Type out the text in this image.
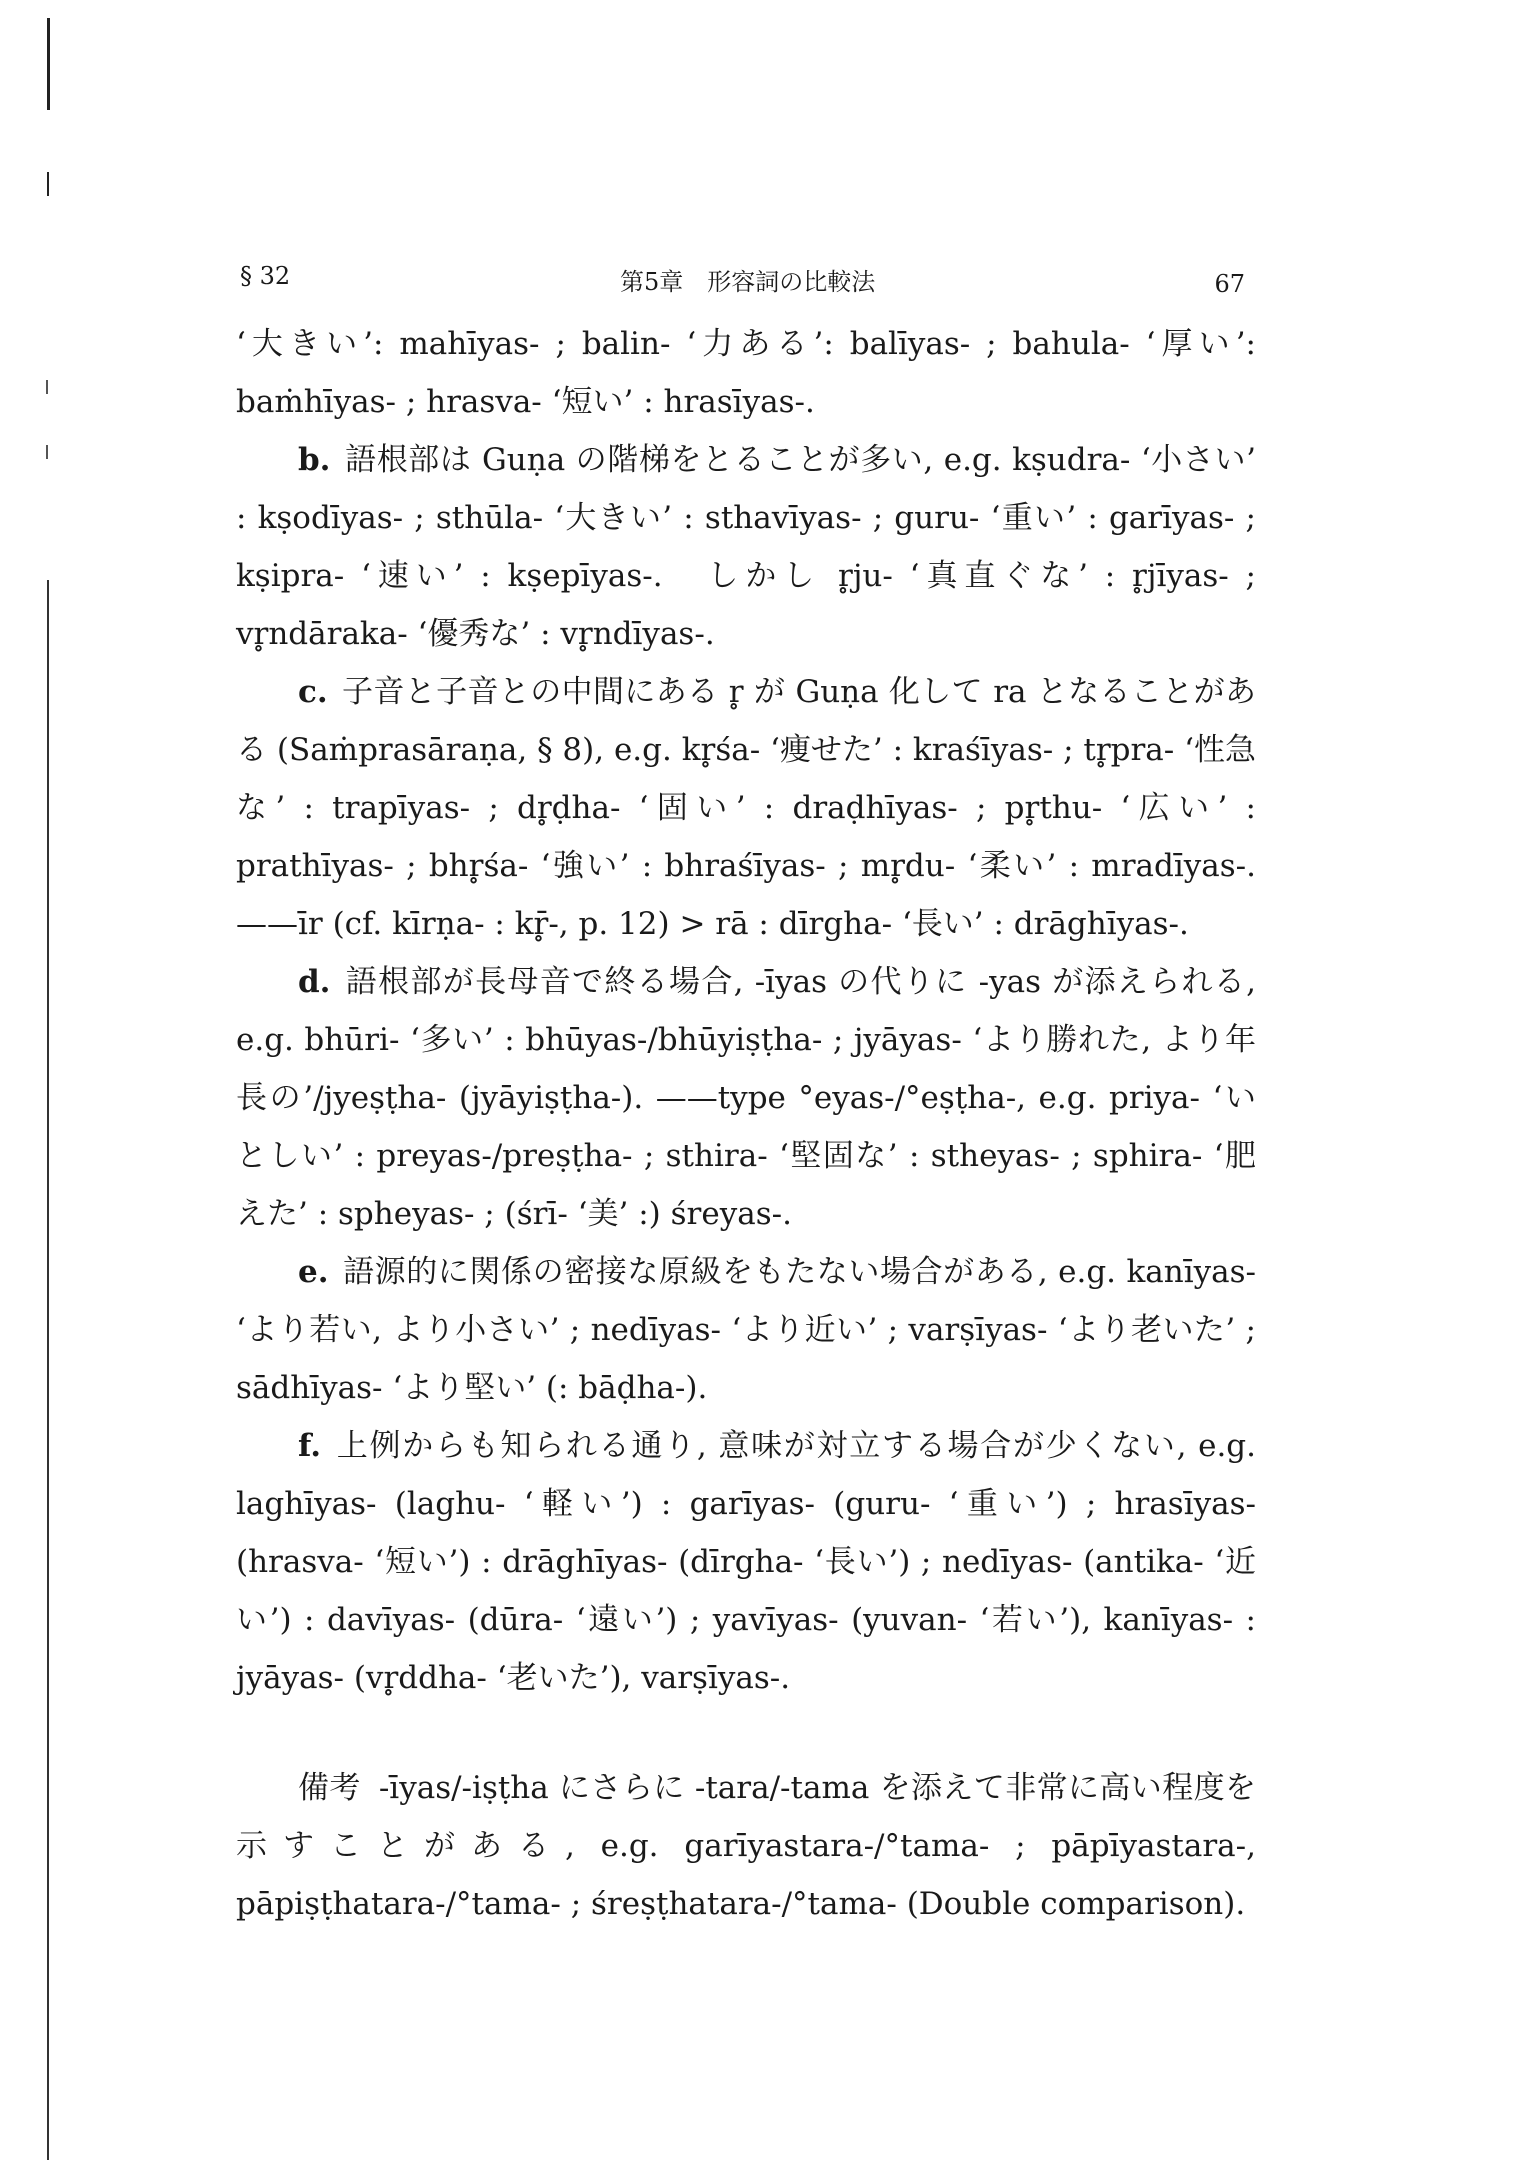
§ 32	第5章　形容詞の比較法	67

‘大きい’: mahīyas- ; balin- ‘力ある’: balīyas- ; bahula- ‘厚い’: baṁhīyas- ; hrasva- ‘短い’ : hrasīyas-.

b. 語根部は Guṇa の階梯をとることが多い, e.g. kṣudra- ‘小さい’ : kṣodīyas- ; sthūla- ‘大きい’ : sthavīyas- ; guru- ‘重い’ : garīyas- ; kṣipra- ‘速い’ : kṣepīyas-.　しかし r̥ju- ‘真直ぐな’ : r̥jīyas- ; vr̥ndāraka- ‘優秀な’ : vr̥ndīyas-.

c. 子音と子音との中間にある r̥ が Guṇa 化して ra となることがある (Saṁprasāraṇa, § 8), e.g. kr̥śa- ‘痩せた’ : kraśīyas- ; tr̥pra- ‘性急な’ : trapīyas- ; dr̥ḍha- ‘固い’ : draḍhīyas- ; pr̥thu- ‘広い’ : prathīyas- ; bhr̥śa- ‘強い’ : bhraśīyas- ; mr̥du- ‘柔い’ : mradīyas-. ——īr (cf. kīrṇa- : kr̥̄-, p. 12) > rā : dīrgha- ‘長い’ : drāghīyas-.

d. 語根部が長母音で終る場合, -īyas の代りに -yas が添えられる, e.g. bhūri- ‘多い’ : bhūyas-/bhūyiṣṭha- ; jyāyas- ‘より勝れた, より年長の’/jyeṣṭha- (jyāyiṣṭha-). ——type °eyas-/°eṣṭha-, e.g. priya- ‘いとしい’ : preyas-/preṣṭha- ; sthira- ‘堅固な’ : stheyas- ; sphira- ‘肥えた’ : spheyas- ; (śrī- ‘美’ :) śreyas-.

e. 語源的に関係の密接な原級をもたない場合がある, e.g. kanīyas- ‘より若い, より小さい’ ; nedīyas- ‘より近い’ ; varṣīyas- ‘より老いた’ ; sādhīyas- ‘より堅い’ (: bāḍha-).

f. 上例からも知られる通り, 意味が対立する場合が少くない, e.g. laghīyas- (laghu- ‘軽い’) : garīyas- (guru- ‘重い’) ; hrasīyas- (hrasva- ‘短い’) : drāghīyas- (dīrgha- ‘長い’) ; nedīyas- (antika- ‘近い’) : davīyas- (dūra- ‘遠い’) ; yavīyas- (yuvan- ‘若い’), kanīyas- : jyāyas- (vr̥ddha- ‘老いた’), varṣīyas-.

備考 -īyas/-iṣṭha にさらに -tara/-tama を添えて非常に高い程度を示すことがある, e.g. garīyastara-/°tama- ; pāpīyastara-, pāpiṣṭhatara-/°tama- ; śreṣṭhatara-/°tama- (Double comparison).
